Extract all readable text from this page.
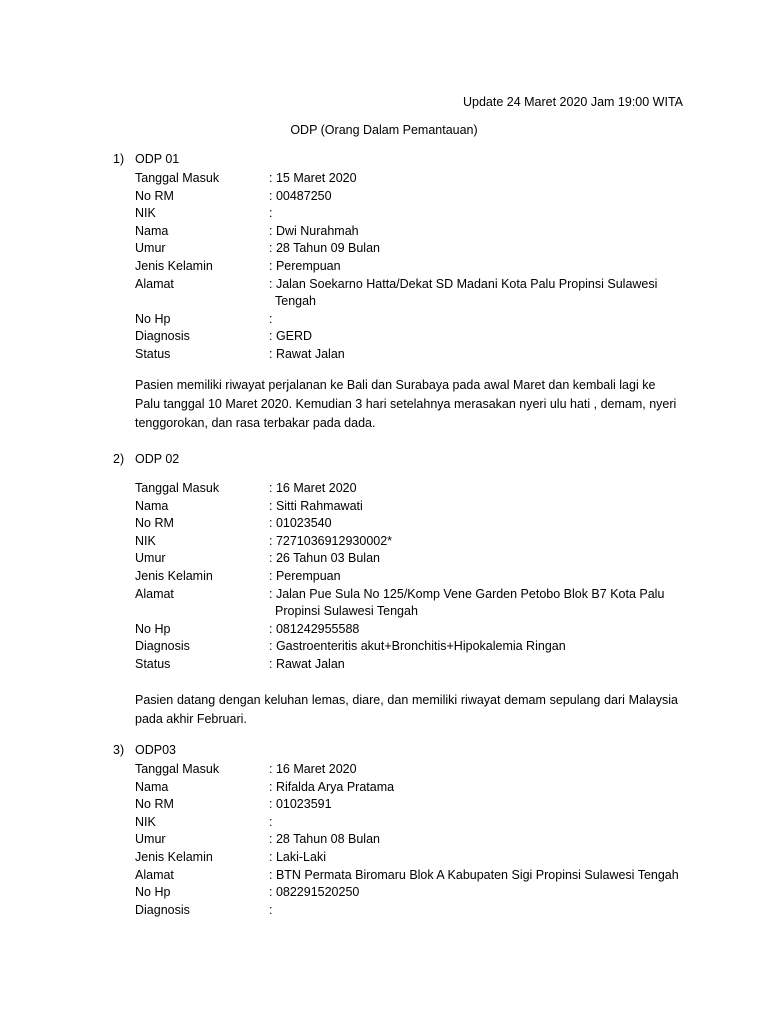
Update 24 Maret 2020 Jam 19:00 WITA
ODP (Orang Dalam Pemantauan)
1) ODP 01
Tanggal Masuk	: 15 Maret 2020
No RM	: 00487250
NIK	:
Nama	: Dwi Nurahmah
Umur	: 28 Tahun 09 Bulan
Jenis Kelamin	: Perempuan
Alamat	: Jalan Soekarno Hatta/Dekat SD Madani Kota Palu Propinsi Sulawesi Tengah
No Hp	:
Diagnosis	: GERD
Status	: Rawat Jalan
Pasien memiliki riwayat perjalanan ke Bali dan Surabaya pada awal Maret dan kembali lagi ke Palu tanggal 10 Maret 2020. Kemudian 3 hari setelahnya merasakan nyeri ulu hati , demam, nyeri tenggorokan, dan rasa terbakar pada dada.
2) ODP 02
Tanggal Masuk	: 16 Maret 2020
Nama	: Sitti Rahmawati
No RM	: 01023540
NIK	: 7271036912930002*
Umur	: 26 Tahun 03 Bulan
Jenis Kelamin	: Perempuan
Alamat	: Jalan Pue Sula No 125/Komp Vene Garden Petobo Blok B7 Kota Palu Propinsi Sulawesi Tengah
No Hp	: 081242955588
Diagnosis	: Gastroenteritis akut+Bronchitis+Hipokalemia Ringan
Status	: Rawat Jalan
Pasien datang dengan keluhan lemas, diare, dan memiliki riwayat demam sepulang dari Malaysia pada akhir Februari.
3) ODP03
Tanggal Masuk	: 16 Maret 2020
Nama	: Rifalda Arya Pratama
No RM	: 01023591
NIK	:
Umur	: 28 Tahun 08 Bulan
Jenis Kelamin	: Laki-Laki
Alamat	: BTN Permata Biromaru Blok A Kabupaten Sigi Propinsi Sulawesi Tengah
No Hp	: 082291520250
Diagnosis	:
